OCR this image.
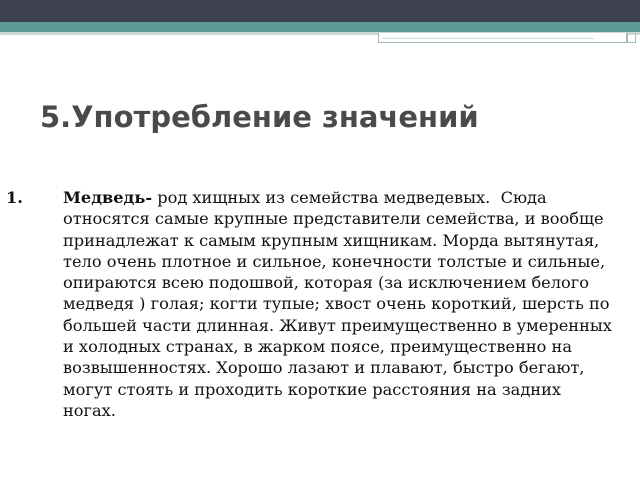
5.Употребление значений
1. Медведь- род хищных из семейства медведевых.  Сюда относятся самые крупные представители семейства, и вообще  принадлежат к самым крупным хищникам. Морда вытянутая, тело очень плотное и сильное, конечности толстые и сильные, опираются всею подошвой, которая (за исключением белого  медведя ) голая; когти тупые; хвост очень короткий, шерсть по большей части длинная. Живут преимущественно в умеренных и холодных странах, в жарком поясе, преимущественно на возвышенностях. Хорошо лазают и плавают, быстро бегают, могут стоять и проходить короткие расстояния на задних ногах.
